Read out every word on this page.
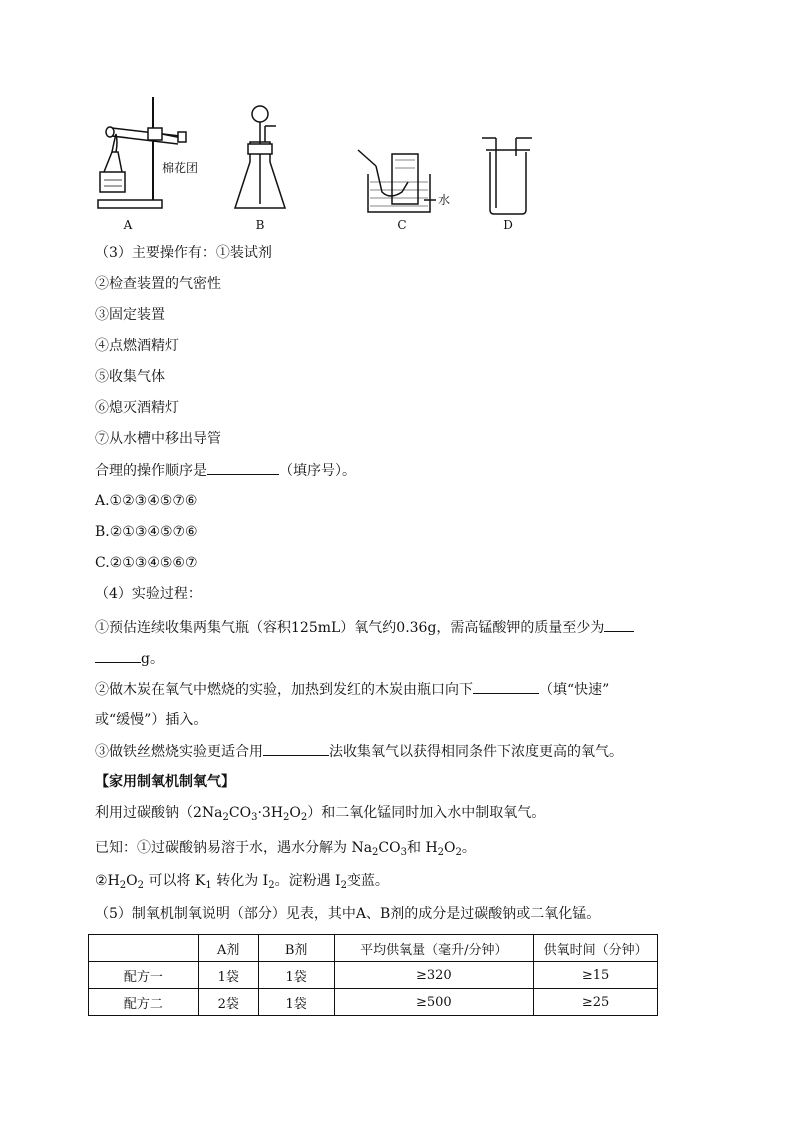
棉花团
A	B
水
C	D
（3）主要操作有：①装试剂
②检查装置的气密性
③固定装置
④点燃酒精灯
⑤收集气体
⑥熄灭酒精灯
⑦从水槽中移出导管
合理的操作顺序是	（填序号）。
A.①②③④⑤⑦⑥
B.②①③④⑤⑦⑥
C.②①③④⑤⑥⑦
（4）实验过程：
①预估连续收集两集气瓶（容积125mL）氧气约0.36g，需高锰酸钾的质量至少为
g。
②做木炭在氧气中燃烧的实验，加热到发红的木炭由瓶口向下	（填“快速”
或“缓慢”）插入。
③做铁丝燃烧实验更适合用	法收集氧气以获得相同条件下浓度更高的氧气。
【家用制氧机制氧气】
利用过碳酸钠$(2Na_2CO_3\cdot 3H_2O_2)$和二氧化锰同时加入水中制取氧气。
已知：①过碳酸钠易溶于水，遇水分解为 $Na_2CO_3$和 $H_2O_2$。
$②H_2O_2$ 可以将 $K_1$ 转化为 $I_2$。淀粉遇 $I_2$变蓝。
（5）制氧机制氧说明（部分）见表，其中A、B剂的成分是过碳酸钠或二氧化锰。
	A剂	B剂	平均供氧量（毫升/分钟）	供氧时间（分钟）
配方一	1袋	1袋	≥320	≥15
配方二	2袋	1袋	≥500	≥25
